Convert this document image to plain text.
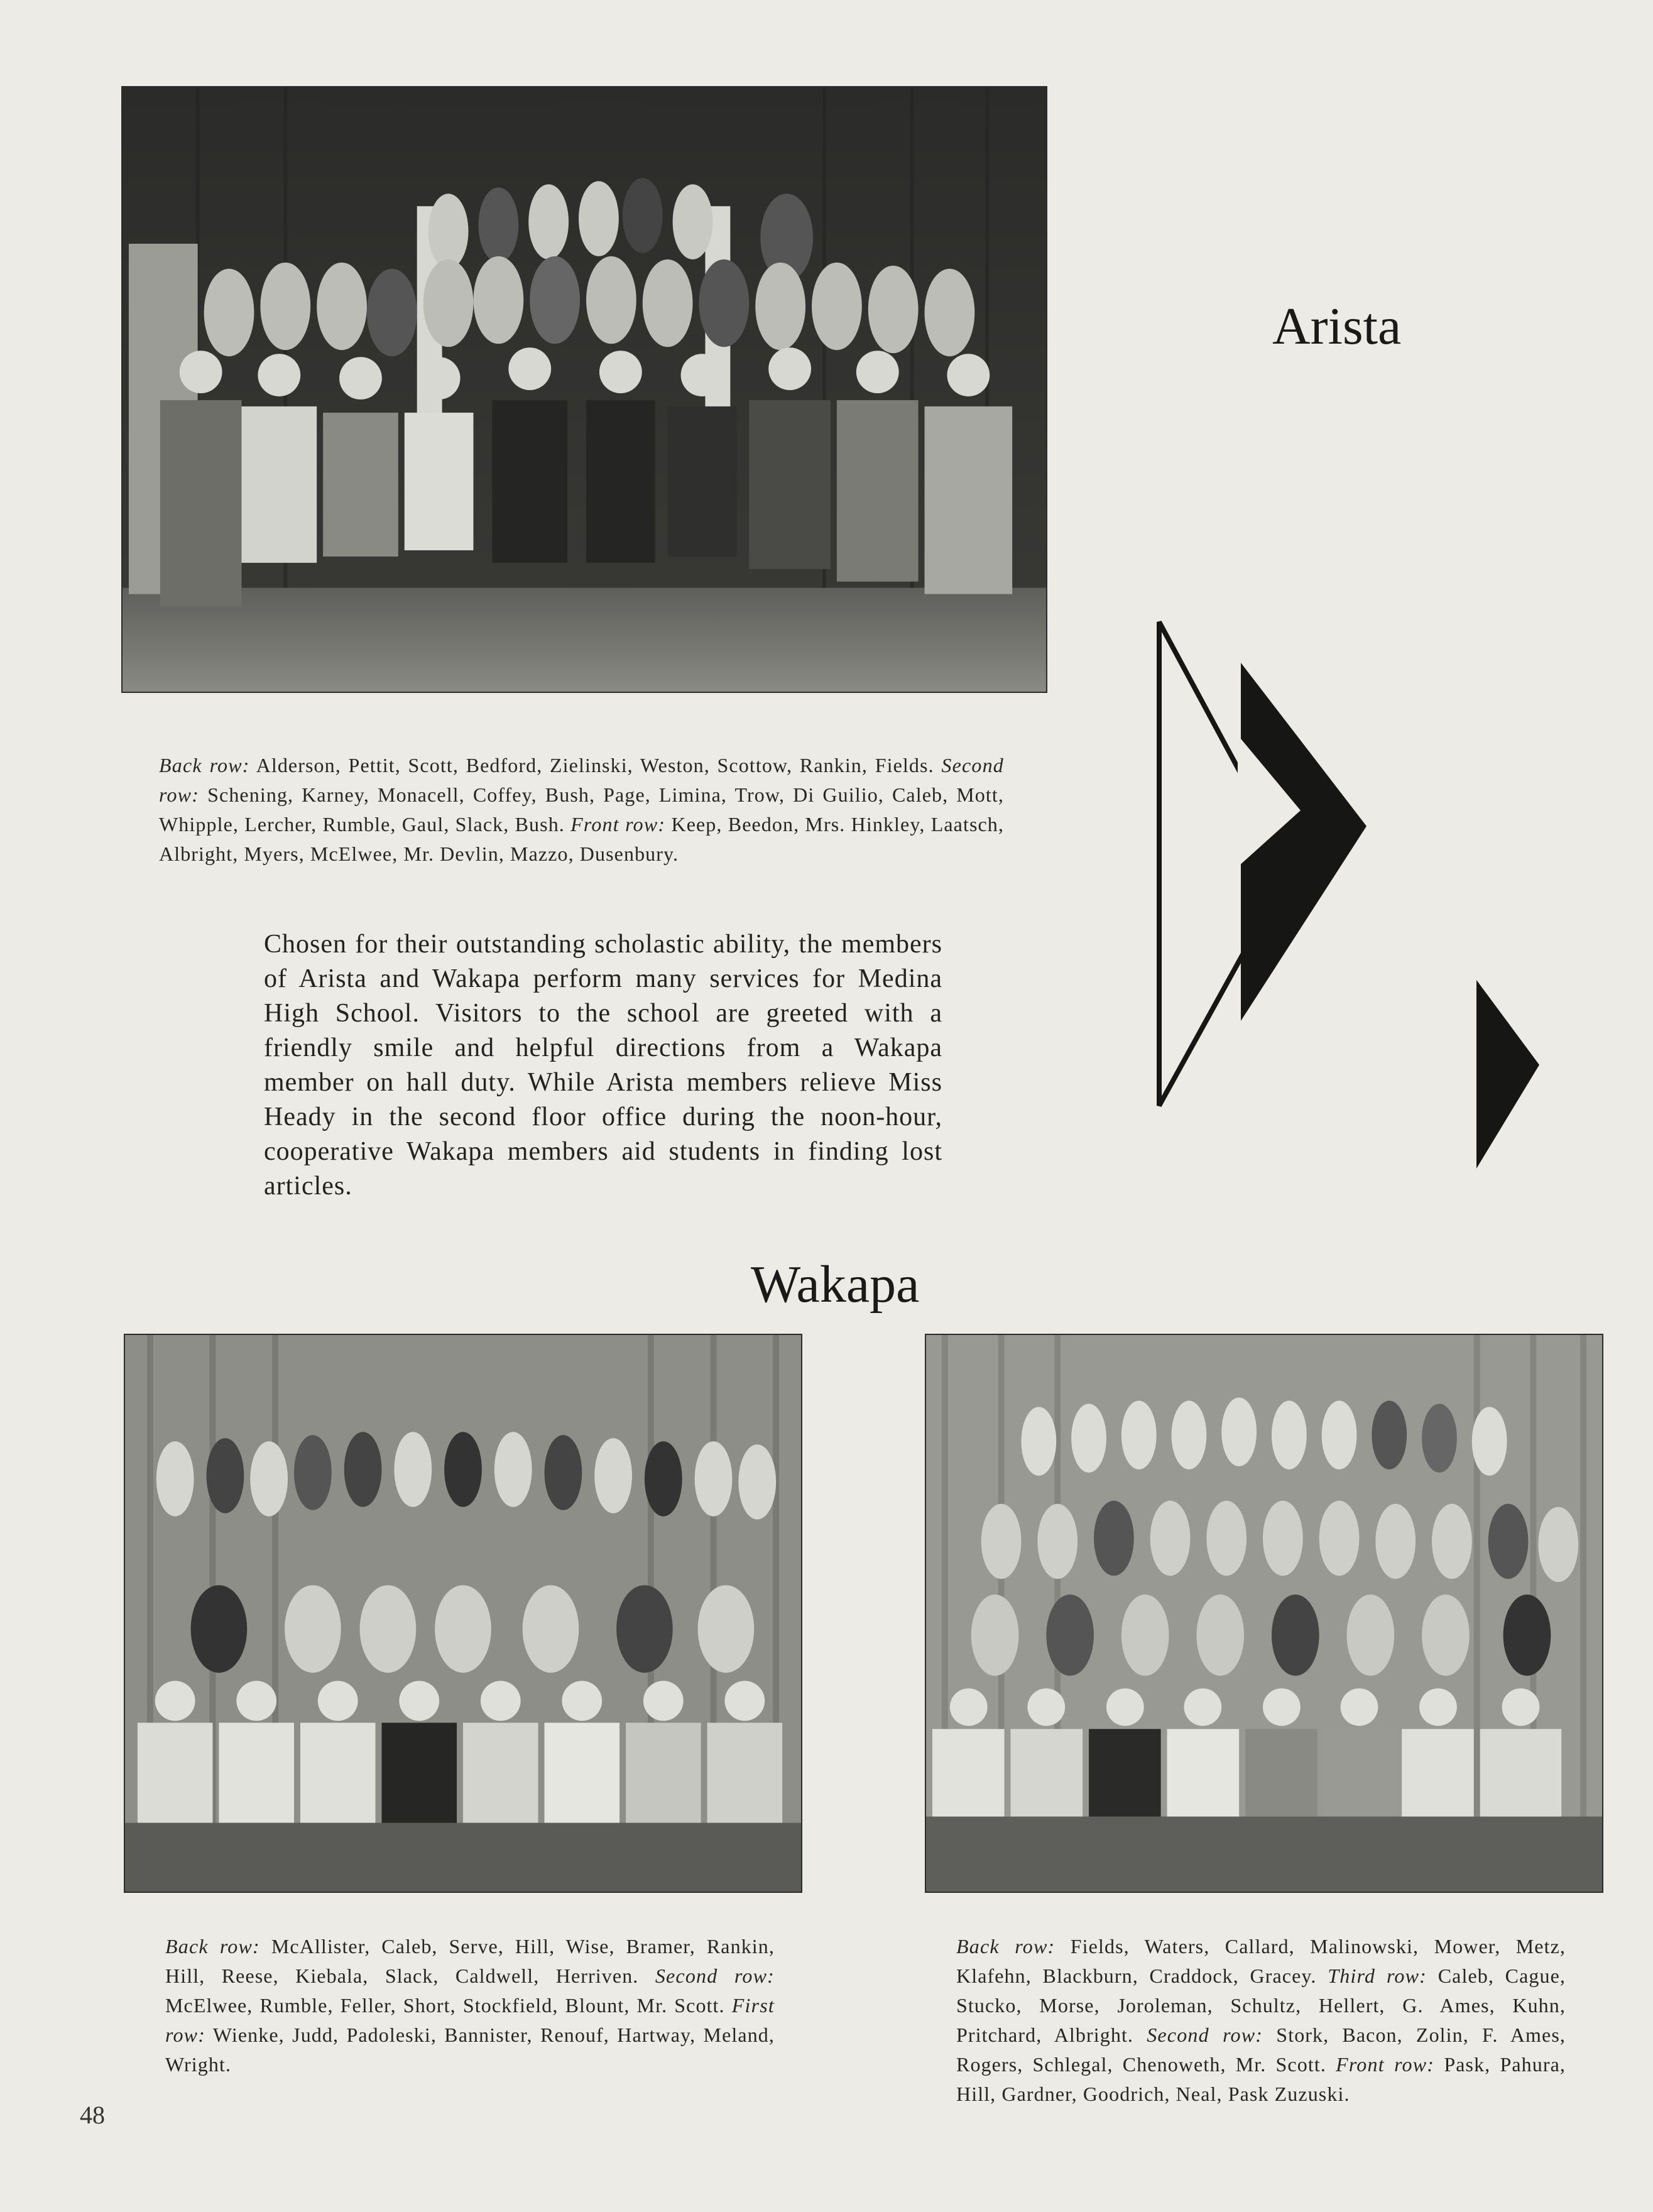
Arista

Back row: Alderson, Pettit, Scott, Bedford, Zielinski, Weston, Scottow, Rankin, Fields. Second row: Schening, Karney, Monacell, Coffey, Bush, Page, Limina, Trow, Di Guilio, Caleb, Mott, Whipple, Lercher, Rumble, Gaul, Slack, Bush. Front row: Keep, Beedon, Mrs. Hinkley, Laatsch, Albright, Myers, McElwee, Mr. Devlin, Mazzo, Dusenbury.

Chosen for their outstanding scholastic ability, the members of Arista and Wakapa perform many services for Medina High School. Visitors to the school are greeted with a friendly smile and helpful directions from a Wakapa member on hall duty. While Arista members relieve Miss Heady in the second floor office during the noon-hour, cooperative Wakapa members aid students in finding lost articles.

Wakapa

Back row: McAllister, Caleb, Serve, Hill, Wise, Bramer, Rankin, Hill, Reese, Kiebala, Slack, Caldwell, Herriven. Second row: McElwee, Rumble, Feller, Short, Stockfield, Blount, Mr. Scott. First row: Wienke, Judd, Padoleski, Bannister, Renouf, Hartway, Meland, Wright.

Back row: Fields, Waters, Callard, Malinowski, Mower, Metz, Klafehn, Blackburn, Craddock, Gracey. Third row: Caleb, Cague, Stucko, Morse, Joroleman, Schultz, Hellert, G. Ames, Kuhn, Pritchard, Albright. Second row: Stork, Bacon, Zolin, F. Ames, Rogers, Schlegal, Chenoweth, Mr. Scott. Front row: Pask, Pahura, Hill, Gardner, Goodrich, Neal, Pask Zuzuski.

48
